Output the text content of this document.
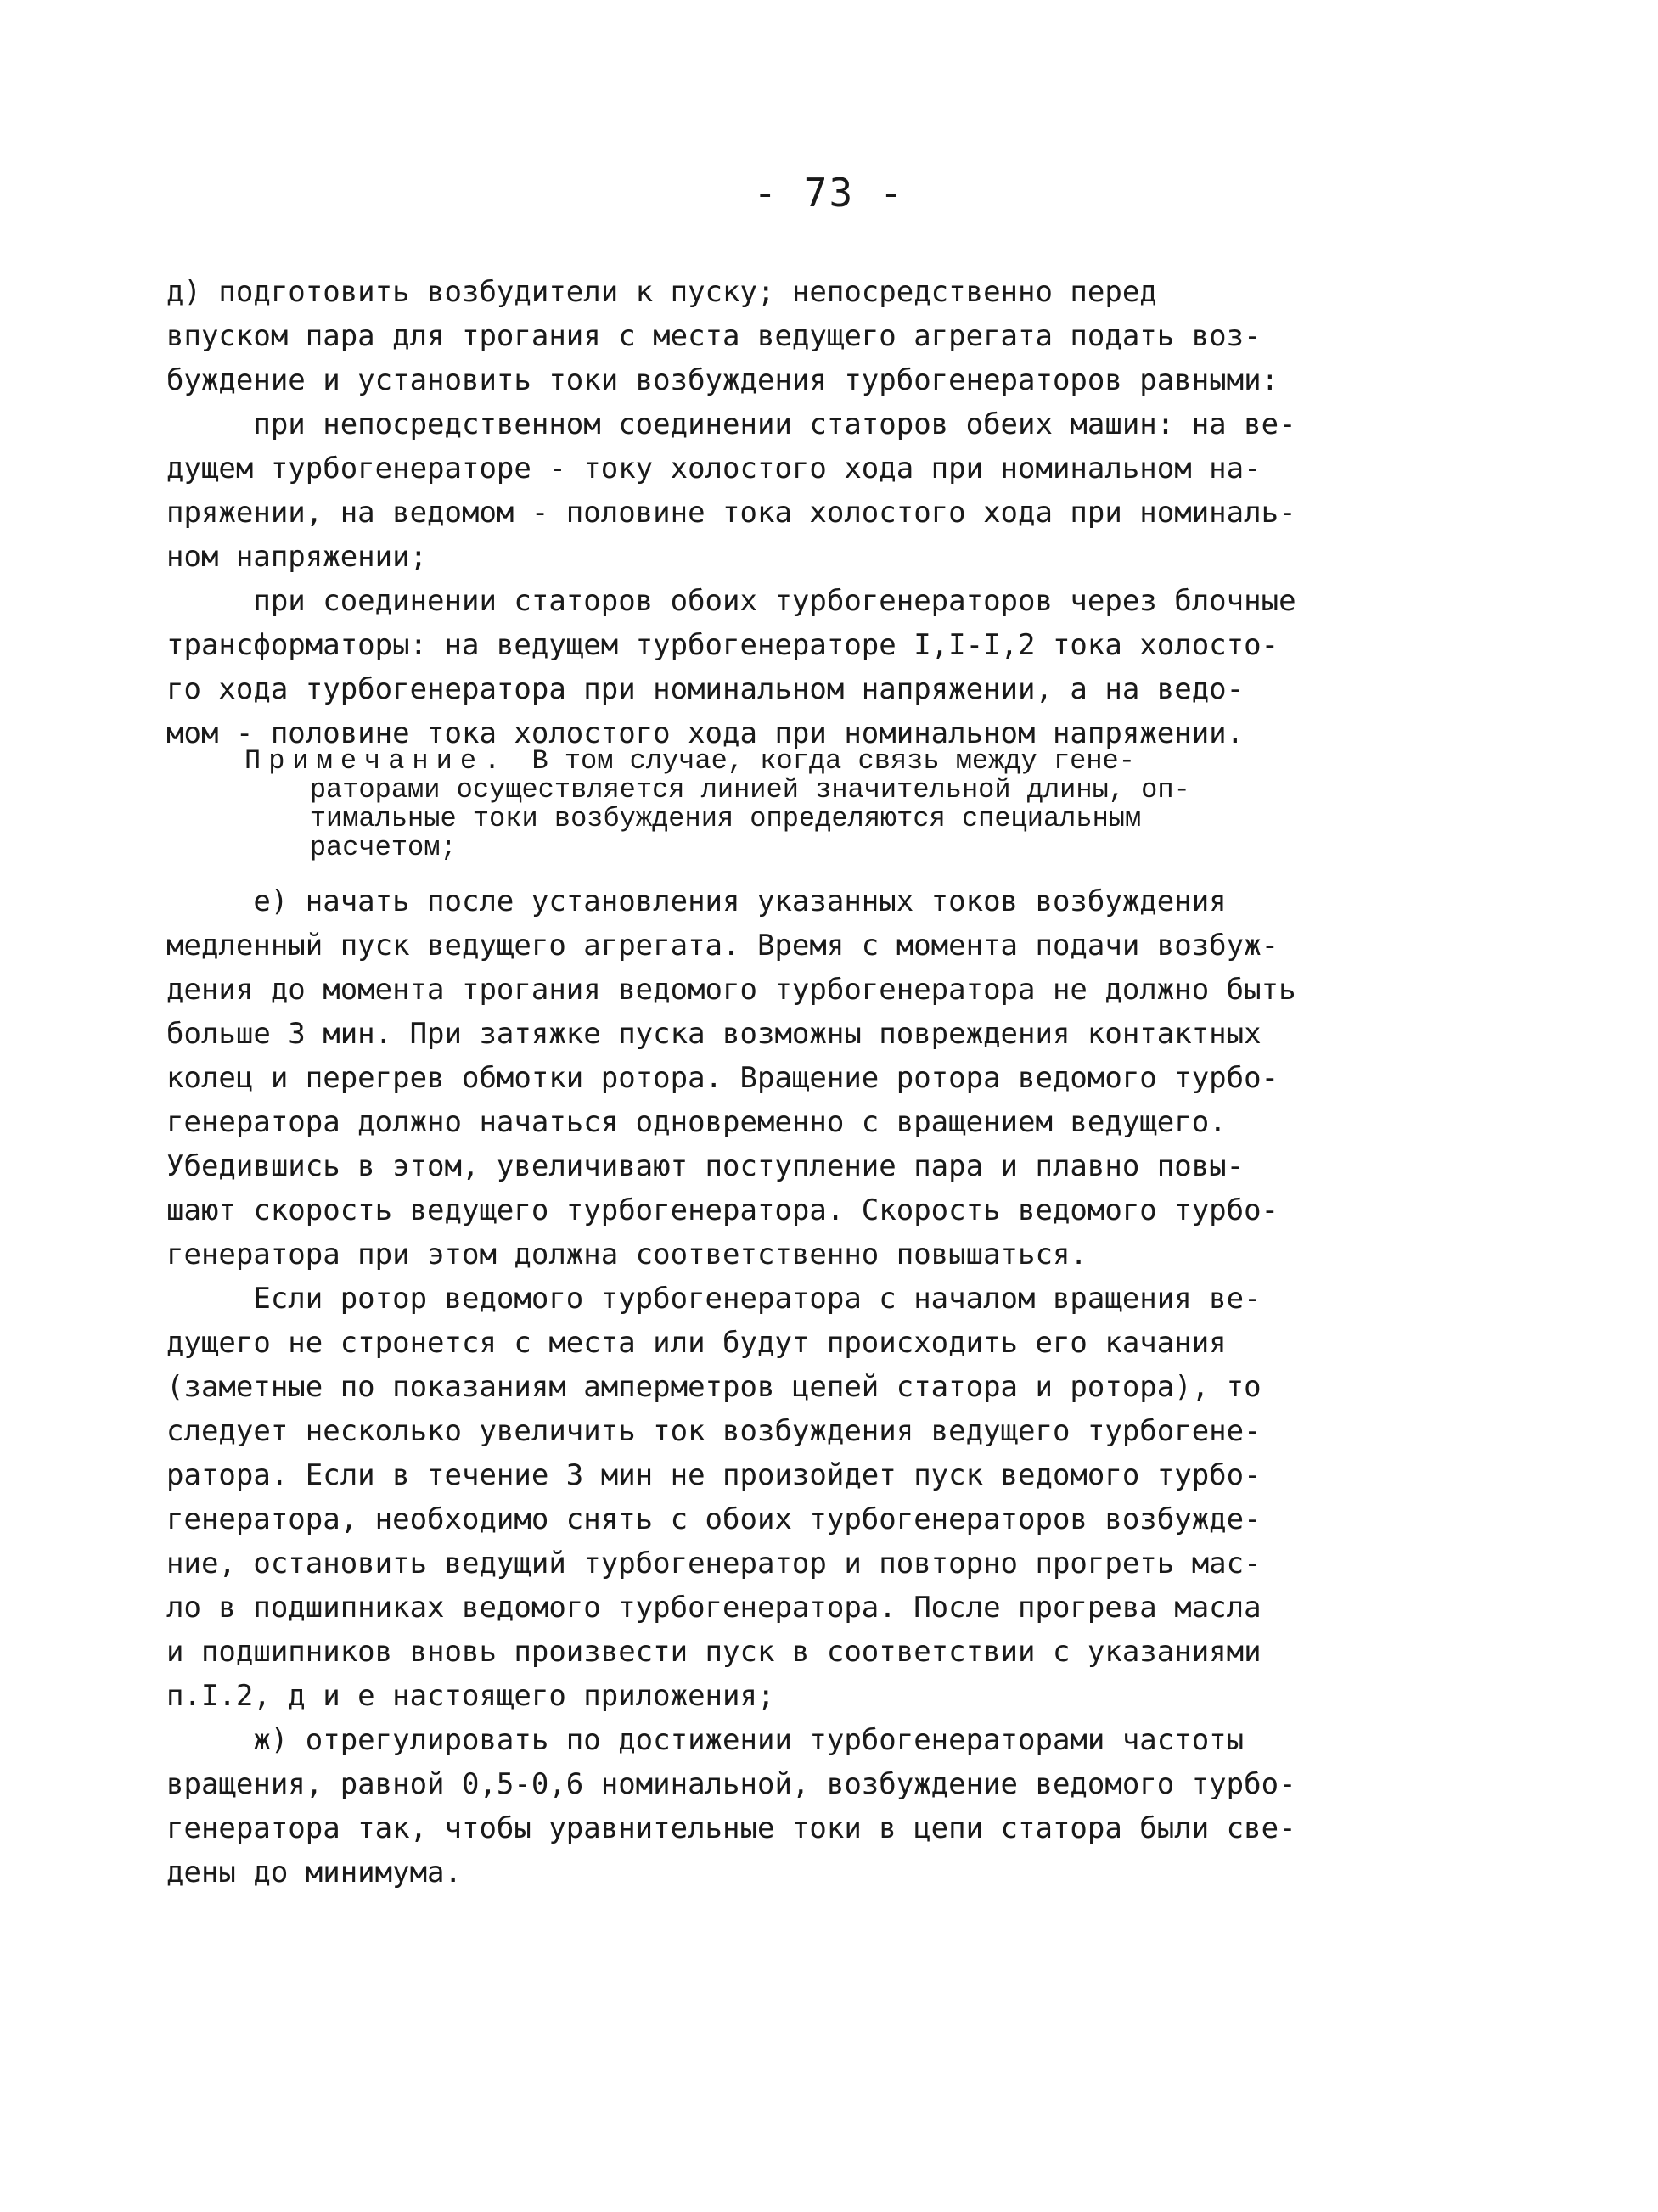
- 73 -
д) подготовить возбудители к пуску; непосредственно перед
впуском пара для трогания с места ведущего агрегата подать воз-
буждение и установить токи возбуждения турбогенераторов равными:
при непосредственном соединении статоров обеих машин: на ве-
дущем турбогенераторе - току холостого хода при номинальном на-
пряжении, на ведомом - половине тока холостого хода при номиналь-
ном напряжении;
при соединении статоров обоих турбогенераторов через блочные
трансформаторы: на ведущем турбогенераторе I,I-I,2 тока холосто-
го хода турбогенератора при номинальном напряжении, а на ведо-
мом - половине тока холостого хода при номинальном напряжении.
Примечание. В том случае, когда связь между гене-
раторами осуществляется линией значительной длины, оп-
тимальные токи возбуждения определяются специальным
расчетом;
е) начать после установления указанных токов возбуждения
медленный пуск ведущего агрегата. Время с момента подачи возбуж-
дения до момента трогания ведомого турбогенератора не должно быть
больше 3 мин. При затяжке пуска возможны повреждения контактных
колец и перегрев обмотки ротора. Вращение ротора ведомого турбо-
генератора должно начаться одновременно с вращением ведущего.
Убедившись в этом, увеличивают поступление пара и плавно повы-
шают скорость ведущего турбогенератора. Скорость ведомого турбо-
генератора при этом должна соответственно повышаться.
Если ротор ведомого турбогенератора с началом вращения ве-
дущего не стронется с места или будут происходить его качания
(заметные по показаниям амперметров цепей статора и ротора), то
следует несколько увеличить ток возбуждения ведущего турбогене-
ратора. Если в течение 3 мин не произойдет пуск ведомого турбо-
генератора, необходимо снять с обоих турбогенераторов возбужде-
ние, остановить ведущий турбогенератор и повторно прогреть мас-
ло в подшипниках ведомого турбогенератора. После прогрева масла
и подшипников вновь произвести пуск в соответствии с указаниями
п.I.2, д и е настоящего приложения;
ж) отрегулировать по достижении турбогенераторами частоты
вращения, равной 0,5-0,6 номинальной, возбуждение ведомого турбо-
генератора так, чтобы уравнительные токи в цепи статора были све-
дены до минимума.
